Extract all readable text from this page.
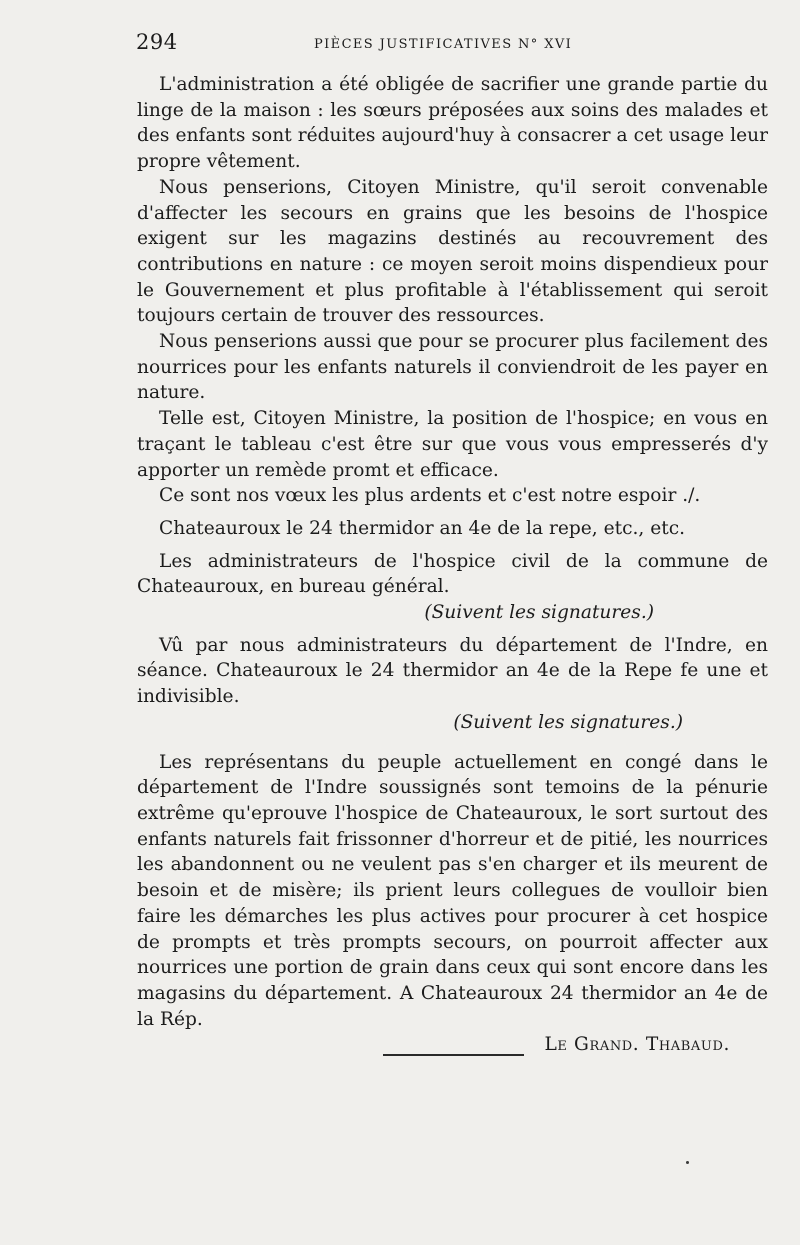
294	PIÈCES JUSTIFICATIVES N° XVI

L'administration a été obligée de sacrifier une grande partie du linge de la maison : les sœurs préposées aux soins des malades et des enfants sont réduites aujourd'huy à consacrer a cet usage leur propre vêtement.

Nous penserions, Citoyen Ministre, qu'il seroit convenable d'affecter les secours en grains que les besoins de l'hospice exigent sur les magazins destinés au recouvrement des contributions en nature : ce moyen seroit moins dispendieux pour le Gouvernement et plus profitable à l'établissement qui seroit toujours certain de trouver des ressources.

Nous penserions aussi que pour se procurer plus facilement des nourrices pour les enfants naturels il conviendroit de les payer en nature.

Telle est, Citoyen Ministre, la position de l'hospice; en vous en traçant le tableau c'est être sur que vous vous empresserés d'y apporter un remède promt et efficace.

Ce sont nos vœux les plus ardents et c'est notre espoir ./.

Chateauroux le 24 thermidor an 4e de la repe, etc., etc.

Les administrateurs de l'hospice civil de la commune de Chateauroux, en bureau général.

(Suivent les signatures.)

Vû par nous administrateurs du département de l'Indre, en séance. Chateauroux le 24 thermidor an 4e de la Repe fe une et indivisible.

(Suivent les signatures.)

Les représentans du peuple actuellement en congé dans le département de l'Indre soussignés sont temoins de la pénurie extrême qu'eprouve l'hospice de Chateauroux, le sort surtout des enfants naturels fait frissonner d'horreur et de pitié, les nourrices les abandonnent ou ne veulent pas s'en charger et ils meurent de besoin et de misère; ils prient leurs collegues de voulloir bien faire les démarches les plus actives pour procurer à cet hospice de prompts et très prompts secours, on pourroit affecter aux nourrices une portion de grain dans ceux qui sont encore dans les magasins du département. A Chateauroux 24 thermidor an 4e de la Rép.

Le Grand. Thabaud.
